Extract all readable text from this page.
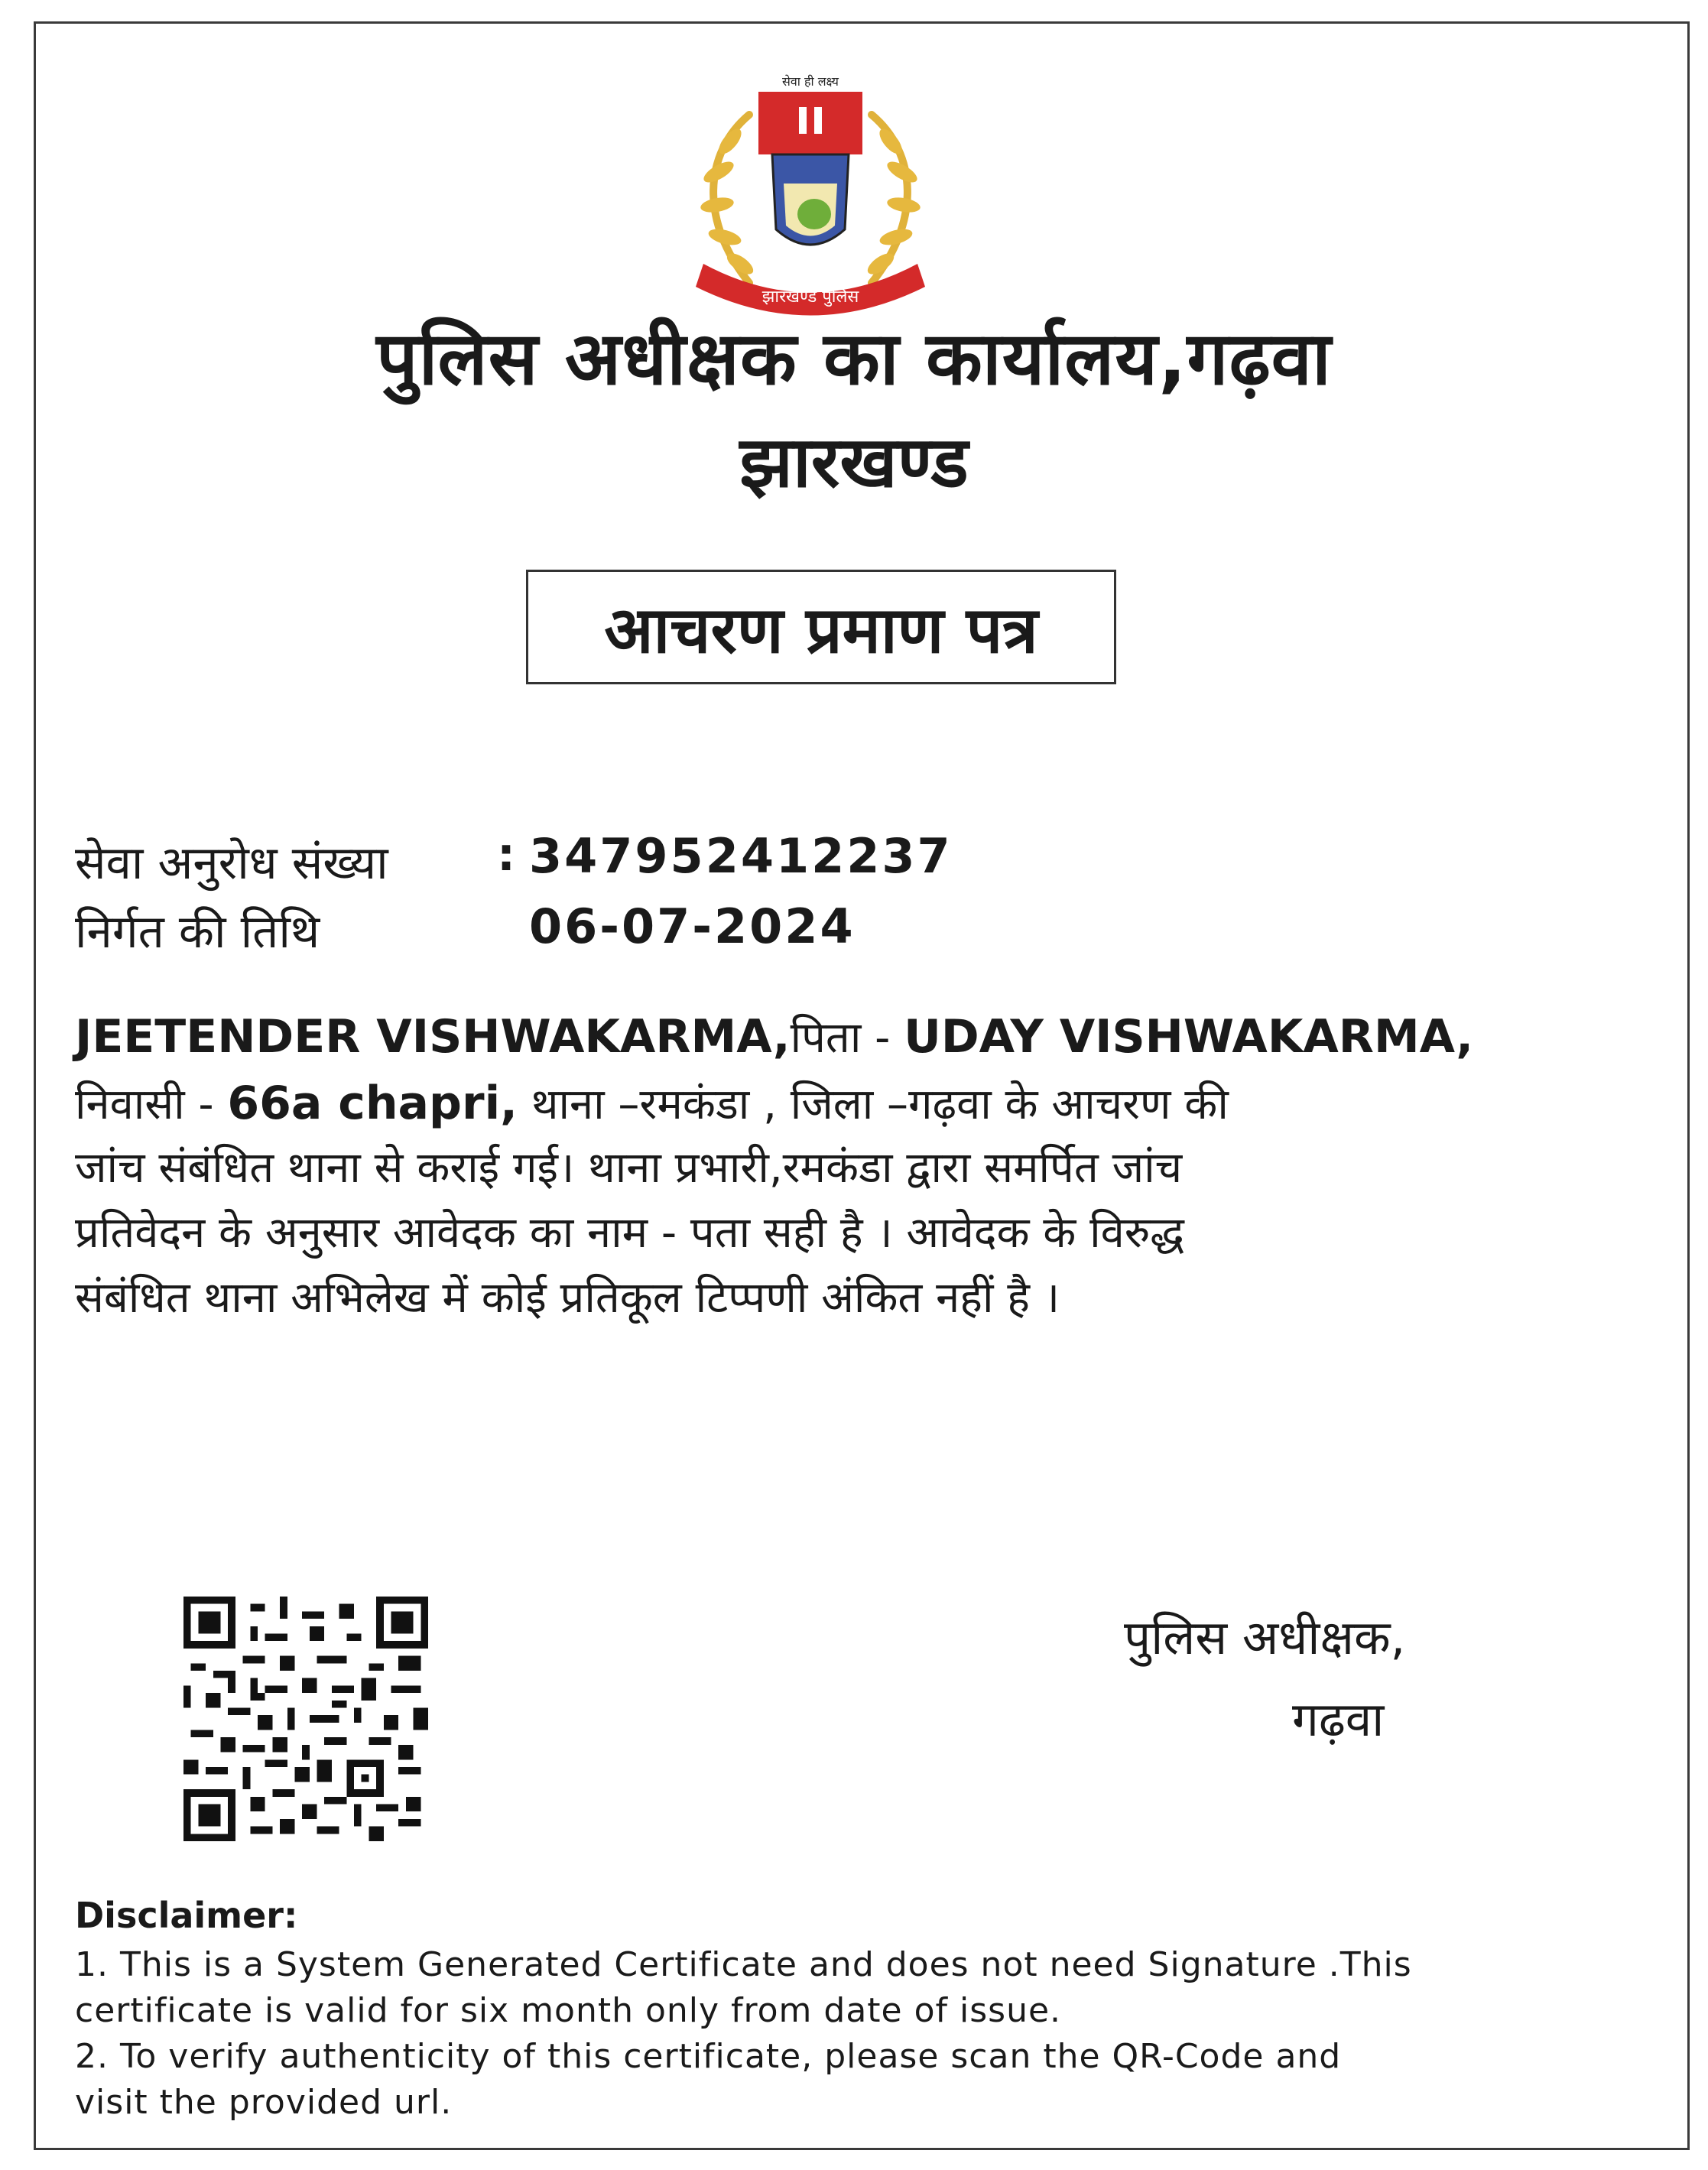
सेवा ही लक्ष्य
झारखण्ड पुलिस
पुलिस अधीक्षक का कार्यालय,गढ़वा
झारखण्ड
आचरण प्रमाण पत्र
सेवा अनुरोध संख्या : 347952412237
निर्गत की तिथि	06-07-2024
JEETENDER VISHWAKARMA,पिता - UDAY VISHWAKARMA,
निवासी - 66a chapri, थाना –रमकंडा , जिला –गढ़वा के आचरण की
जांच संबंधित थाना से कराई गई। थाना प्रभारी,रमकंडा द्वारा समर्पित जांच
प्रतिवेदन के अनुसार आवेदक का नाम - पता सही है । आवेदक के विरुद्ध
संबंधित थाना अभिलेख में कोई प्रतिकूल टिप्पणी अंकित नहीं है ।
पुलिस अधीक्षक,
गढ़वा
Disclaimer:
1. This is a System Generated Certificate and does not need Signature .This
certificate is valid for six month only from date of issue.
2. To verify authenticity of this certificate, please scan the QR-Code and
visit the provided url.
